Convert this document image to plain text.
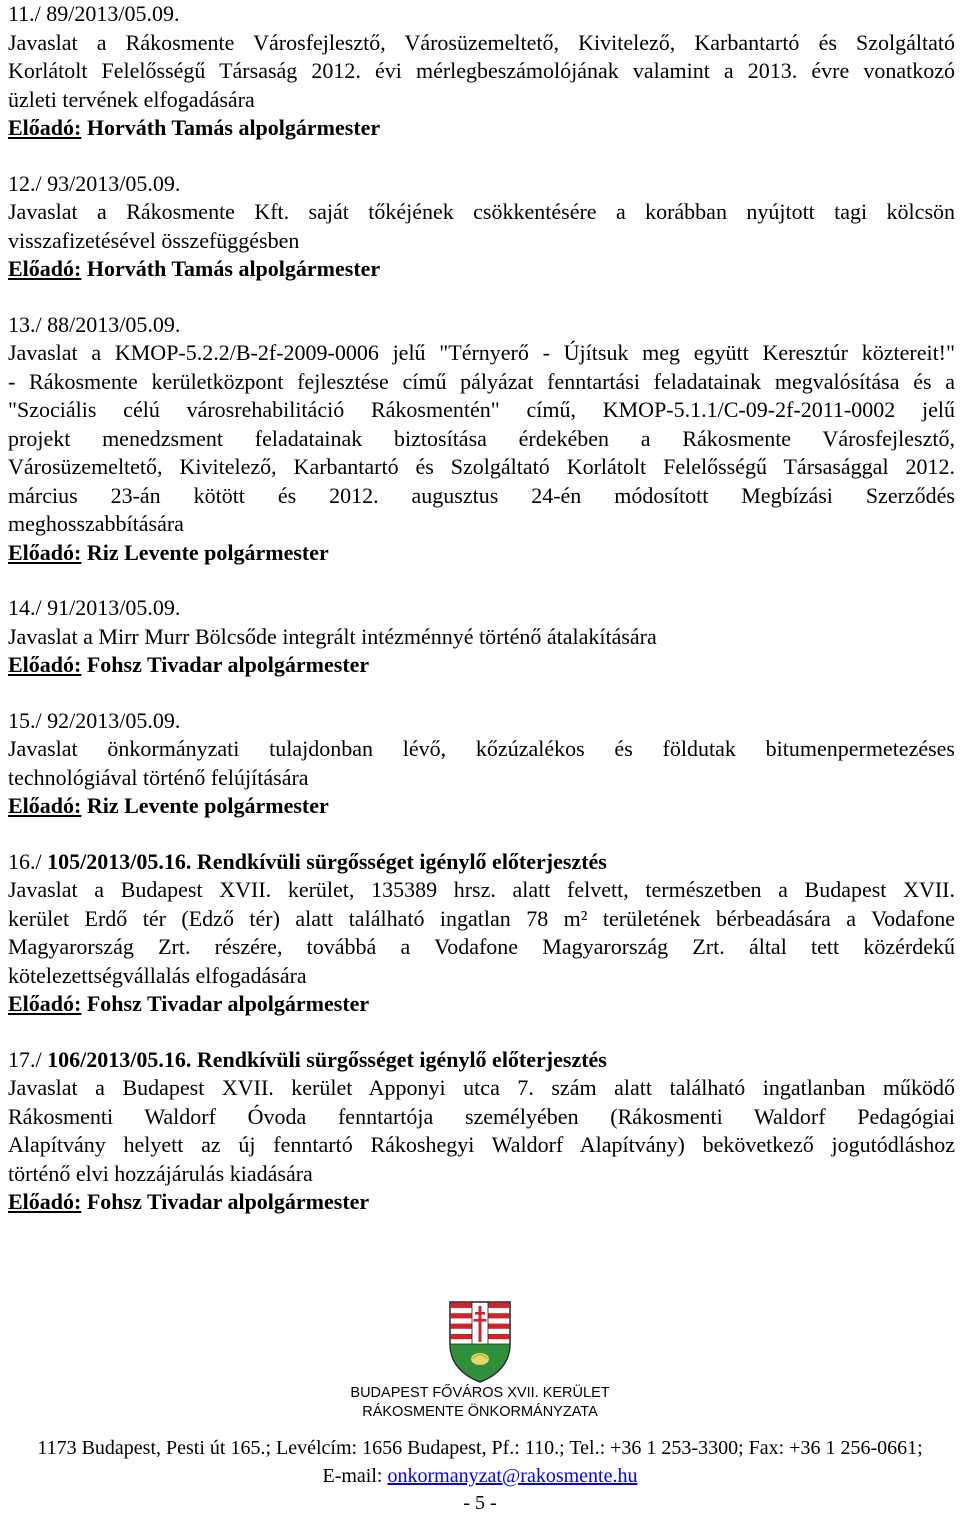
11./ 89/2013/05.09.
Javaslat a Rákosmente Városfejlesztő, Városüzemeltető, Kivitelező, Karbantartó és Szolgáltató
Korlátolt Felelősségű Társaság 2012. évi mérlegbeszámolójának valamint a 2013. évre vonatkozó
üzleti tervének elfogadására
Előadó: Horváth Tamás alpolgármester
12./ 93/2013/05.09.
Javaslat a Rákosmente Kft. saját tőkéjének csökkentésére a korábban nyújtott tagi kölcsön
visszafizetésével összefüggésben
Előadó: Horváth Tamás alpolgármester
13./ 88/2013/05.09.
Javaslat a KMOP-5.2.2/B-2f-2009-0006 jelű "Térnyerő - Újítsuk meg együtt Keresztúr köztereit!"
- Rákosmente kerületközpont fejlesztése című pályázat fenntartási feladatainak megvalósítása és a
"Szociális célú városrehabilitáció Rákosmentén" című, KMOP-5.1.1/C-09-2f-2011-0002 jelű
projekt menedzsment feladatainak biztosítása érdekében a Rákosmente Városfejlesztő,
Városüzemeltető, Kivitelező, Karbantartó és Szolgáltató Korlátolt Felelősségű Társasággal 2012.
március 23-án kötött és 2012. augusztus 24-én módosított Megbízási Szerződés
meghosszabbítására
Előadó: Riz Levente polgármester
14./ 91/2013/05.09.
Javaslat a Mirr Murr Bölcsőde integrált intézménnyé történő átalakítására
Előadó: Fohsz Tivadar alpolgármester
15./ 92/2013/05.09.
Javaslat önkormányzati tulajdonban lévő, kőzúzalékos és földutak bitumenpermetezéses
technológiával történő felújítására
Előadó: Riz Levente polgármester
16./ 105/2013/05.16. Rendkívüli sürgősséget igénylő előterjesztés
Javaslat a Budapest XVII. kerület, 135389 hrsz. alatt felvett, természetben a Budapest XVII.
kerület Erdő tér (Edző tér) alatt található ingatlan 78 m² területének bérbeadására a Vodafone
Magyarország Zrt. részére, továbbá a Vodafone Magyarország Zrt. által tett közérdekű
kötelezettségvállalás elfogadására
Előadó: Fohsz Tivadar alpolgármester
17./ 106/2013/05.16. Rendkívüli sürgősséget igénylő előterjesztés
Javaslat a Budapest XVII. kerület Apponyi utca 7. szám alatt található ingatlanban működő
Rákosmenti Waldorf Óvoda fenntartója személyében (Rákosmenti Waldorf Pedagógiai
Alapítvány helyett az új fenntartó Rákoshegyi Waldorf Alapítvány) bekövetkező jogutódláshoz
történő elvi hozzájárulás kiadására
Előadó: Fohsz Tivadar alpolgármester
BUDAPEST FŐVÁROS XVII. KERÜLET
RÁKOSMENTE ÖNKORMÁNYZATA
1173 Budapest, Pesti út 165.; Levélcím: 1656 Budapest, Pf.: 110.; Tel.: +36 1 253-3300; Fax: +36 1 256-0661;
E-mail: onkormanyzat@rakosmente.hu
- 5 -
